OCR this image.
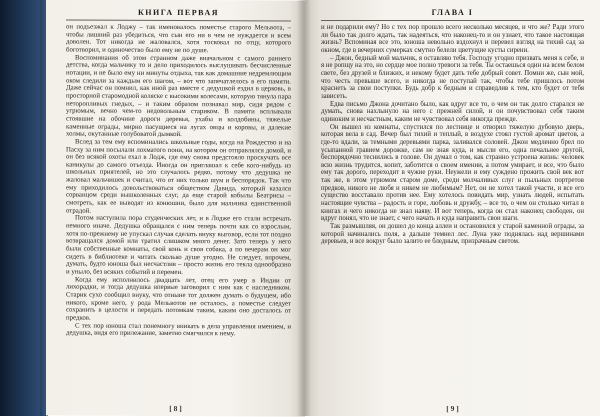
КНИГА ПЕРВАЯ

он подъезжал к Лоджу – так именовалось поместье старого Мельвота, – чтобы лишний раз убедиться, что сын его ни в чем не нуждается и всем доволен. Тот никогда не жаловался, хотя тосковал по отцу, которого боготворил, и одиночество было ему не по душе.

Воспоминания об этом странном даже вначальном с самого раннего детства, когда мальчику то и дело приходилось выслушивать бесчисленные нотации, и не было ему ни минуты отдыха, так как домашние недремлющим оком следили за каждым его шагом, – вот что запечатлелось в его памяти. Даже сейчас он помнил, как иной раз вместе с дедушкой ездил в церковь, в просторной старомодной коляске с высокими колесами, которую тянула пара неторопливых гнедых, – и таким образом познавал мир, сидя рядом с угрюмым, вечно чем-то недовольным стариком. В памяти всплывали стоявшие на обочине дороги деревья, ухабы и колдобины, тяжелые каменные ограды, мирно пасущиеся на лугах овцы и коровы, и далекие холмы, окутанные голубоватой дымкой.

Вслед за тем ему вспоминались школьные годы, когда на Рождество и на Пасху за ним посылали лохматого пони, на котором он отправлялся домой, и он без всякой охоты ехал в Лодж, где ему снова предстояло проскучать все каникулы до самого отъезда. Иногда он приглашал к себе кого-нибудь из школьных приятелей, но это случалось редко, потому что дедушка не жаловал мальчишек и считал, что от них только шум и беспорядок. Так что ему приходилось довольствоваться обществом Давида, который казался сорванцом среди вышколенных слуг, да еще старой кобылы Беатрисы – смотреть, как ее выводят из конюшни, было для мальчика единственной отрадой.

Потом наступила пора студенческих лет, и в Лодже его стали встречать немного иначе. Дедушка обращался с ним теперь почти как со взрослым, хотя по-прежнему не упускал случая сделать внуку выговор, если тот поздно возвращался домой или тратил слишком много денег. Зато теперь у него были собственные комнаты, свой конь и своя собака, а по вечерам он мог сидеть в библиотеке и читать сколько душе угодно. Не следует, впрочем, думать, будто юноша был несчастлив – просто жизнь его текла однообразно и уныло, без всяких событий и перемен.

Когда ему исполнилось двадцать лет, отец его умер в Индии от лихорадки, и тогда дедушка впервые заговорил с ним как с наследником. Старик сухо сообщил внуку, что отныне тот должен думать о будущем, ибо никого, кроме него, у рода Мельвотов не осталось, а поместье следует сохранить в целости и передать потомкам таким, каким оно досталось от предков.

С тех пор юноша стал понемногу вникать в дела управления имением, и дедушка, видя его прилежание, заметно смягчился к нему.

[ 8 ]
ГЛАВА I

и не подарили ему? Но с тех пор прошло всего несколько месяцев, и что же? Ради этого ли было так долго ждать, так надеяться, что наконец-то и он узнает, что такое настоящая жизнь? Вспоминая все это, юноша невольно вздохнул и перевел взгляд на тихий сад за окном, где в вечерних сумерках смутно белели цветущие кусты сирени.

– Джон, бедный мой мальчик, я оставляю тебя. Господу угодно призвать меня к себе, и я не ропщу на это, но сердце мое полно тревоги за тебя. Ты остаешься один на всем белом свете, без друзей и близких, и некому будет дать тебе добрый совет. Помни же, сын мой, что честь превыше всего, и никогда не поступай так, чтобы тебе пришлось потом краснеть за свои поступки. Будь добр к бедным и справедлив к тем, кто будет от тебя зависеть.

Едва письмо Джона дочитано было, как вдруг все то, о чем он так долго старался не думать, снова нахлынуло на него с прежней силой, и он почувствовал себя таким одиноким и несчастным, каким не чувствовал себя никогда прежде.

Он вышел из комнаты, спустился по лестнице и отворил тяжелую дубовую дверь, которая вела в сад. Вечер был тихий и теплый, в воздухе стоял густой аромат цветов, а где-то вдали, за темными деревьями парка, заливался соловей. Джон медленно брел по усыпанной гравием дорожке, сам не зная куда, и мысли его, одна печальнее другой, беспорядочно теснились в голове. Он думал о том, как странно устроена жизнь: человек всю жизнь трудится, копит, заботится о своем имении, а потом умирает, и все, что было ему так дорого, переходит в чужие руки. Неужели и ему суждено прожить свой век вот так же, в этом угрюмом старом доме, среди молчаливых слуг и пыльных портретов предков, никого не любя и никем не любимым? Нет, он не хотел такой участи, и все его существо восставало против нее. Ему хотелось повидать мир, узнать людей, испытать настоящие чувства – радость и горе, любовь и дружбу, – все то, о чем он столько читал в книгах и чего никогда не знал наяву. И вот теперь, когда он стал наконец свободен, он вдруг понял, что не знает, с чего начать и куда направить свои шаги.

Так размышляя, он дошел до конца аллеи и остановился у старой каменной ограды, за которой начинались поля, а дальше темнел лес. Луна уже поднялась над вершинами деревьев, и все вокруг было залито ее бледным, призрачным светом.

[ 9 ]
